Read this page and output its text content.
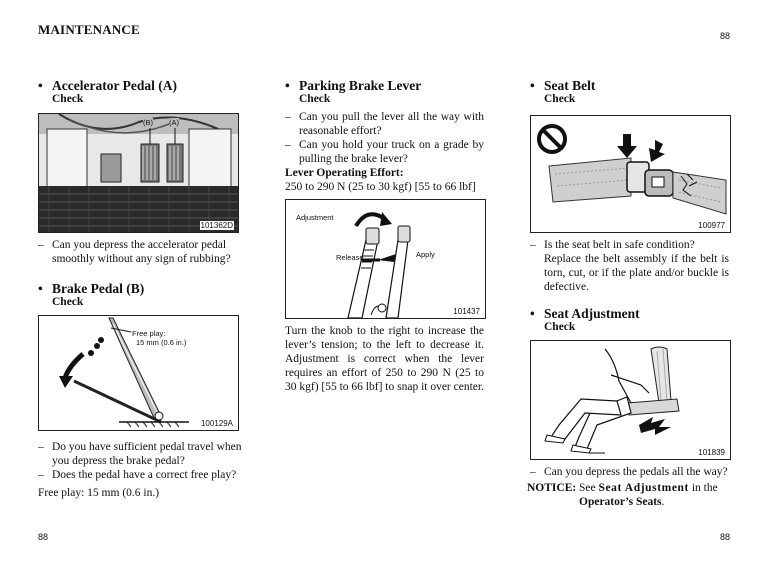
MAINTENANCE	88
• Accelerator Pedal (A)
Check
(B) (A)
101362D
– Can you depress the accelerator pedal smoothly without any sign of rubbing?
• Brake Pedal (B)
Check
Free play:
15 mm (0.6 in.)
100129A
– Do you have sufficient pedal travel when you depress the brake pedal?
– Does the pedal have a correct free play?
Free play: 15 mm (0.6 in.)
• Parking Brake Lever
Check
– Can you pull the lever all the way with reasonable effort?
– Can you hold your truck on a grade by pulling the brake lever?
Lever Operating Effort:
250 to 290 N (25 to 30 kgf) [55 to 66 lbf]
Adjustment
Release	Apply
101437
Turn the knob to the right to increase the lever’s tension; to the left to decrease it. Adjustment is correct when the lever requires an effort of 250 to 290 N (25 to 30 kgf) [55 to 66 lbf] to snap it over center.
• Seat Belt
Check
100977
– Is the seat belt in safe condition?
Replace the belt assembly if the belt is torn, cut, or if the plate and/or buckle is defective.
• Seat Adjustment
Check
101839
– Can you depress the pedals all the way?
NOTICE: See Seat Adjustment in the
Operator’s Seats.
88	88
